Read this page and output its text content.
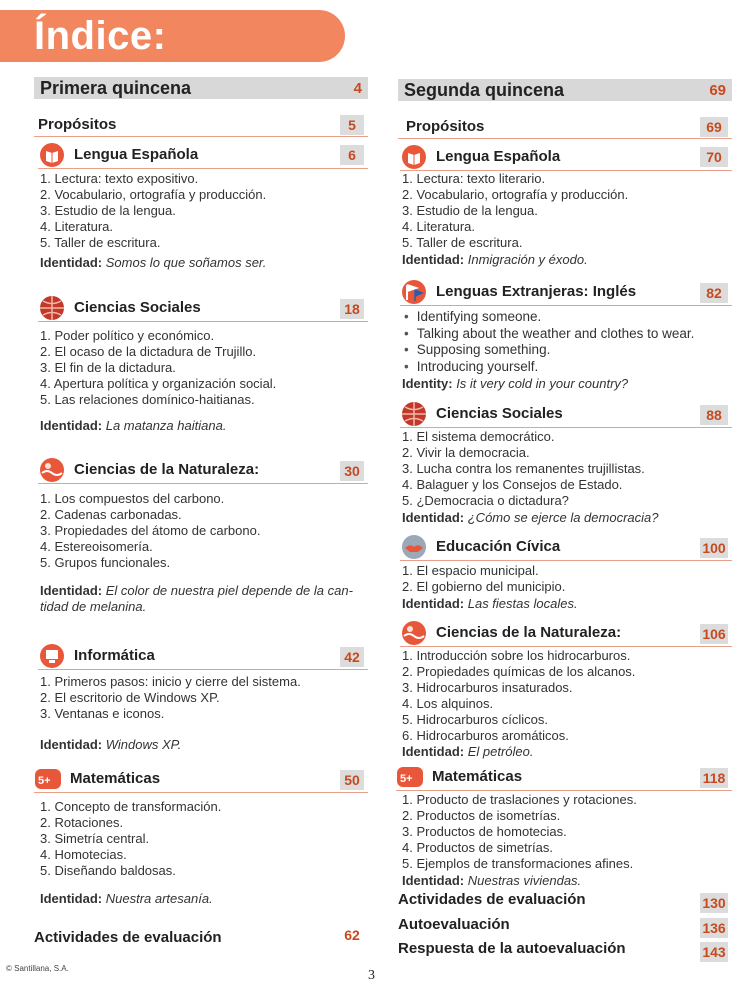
Índice:
Primera quincena	4
Propósitos	5
Lengua Española	6
1. Lectura: texto expositivo.
2. Vocabulario, ortografía y producción.
3. Estudio de la lengua.
4. Literatura.
5. Taller de escritura.
Identidad: Somos lo que soñamos ser.
Ciencias Sociales	18
1. Poder político y económico.
2. El ocaso de la dictadura de Trujillo.
3. El fin de la dictadura.
4. Apertura política y organización social.
5. Las relaciones domínico-haitianas.
Identidad: La matanza haitiana.
Ciencias de la Naturaleza:	30
1. Los compuestos del carbono.
2. Cadenas carbonadas.
3. Propiedades del átomo de carbono.
4. Estereoisomería.
5. Grupos funcionales.
Identidad: El color de nuestra piel depende de la can-
tidad de melanina.
Informática	42
1. Primeros pasos: inicio y cierre del sistema.
2. El escritorio de Windows XP.
3. Ventanas e iconos.
Identidad: Windows XP.
5+ Matemáticas	50
1. Concepto de transformación.
2. Rotaciones.
3. Simetría central.
4. Homotecias.
5. Diseñando baldosas.
Identidad: Nuestra artesanía.
Actividades de evaluación	62
Segunda quincena	69
Propósitos	69
Lengua Española	70
1. Lectura: texto literario.
2. Vocabulario, ortografía y producción.
3. Estudio de la lengua.
4. Literatura.
5. Taller de escritura.
Identidad: Inmigración y éxodo.
Lenguas Extranjeras: Inglés	82
• Identifying someone.
• Talking about the weather and clothes to wear.
• Supposing something.
• Introducing yourself.
Identity: Is it very cold in your country?
Ciencias Sociales	88
1. El sistema democrático.
2. Vivir la democracia.
3. Lucha contra los remanentes trujillistas.
4. Balaguer y los Consejos de Estado.
5. ¿Democracia o dictadura?
Identidad: ¿Cómo se ejerce la democracia?
Educación Cívica	100
1. El espacio municipal.
2. El gobierno del municipio.
Identidad: Las fiestas locales.
Ciencias de la Naturaleza:	106
1. Introducción sobre los hidrocarburos.
2. Propiedades químicas de los alcanos.
3. Hidrocarburos insaturados.
4. Los alquinos.
5. Hidrocarburos cíclicos.
6. Hidrocarburos aromáticos.
Identidad: El petróleo.
5+ Matemáticas	118
1. Producto de traslaciones y rotaciones.
2. Productos de isometrías.
3. Productos de homotecias.
4. Productos de simetrías.
5. Ejemplos de transformaciones afines.
Identidad: Nuestras viviendas.
Actividades de evaluación	130
Autoevaluación	136
Respuesta de la autoevaluación	143
© Santillana, S.A.	3
